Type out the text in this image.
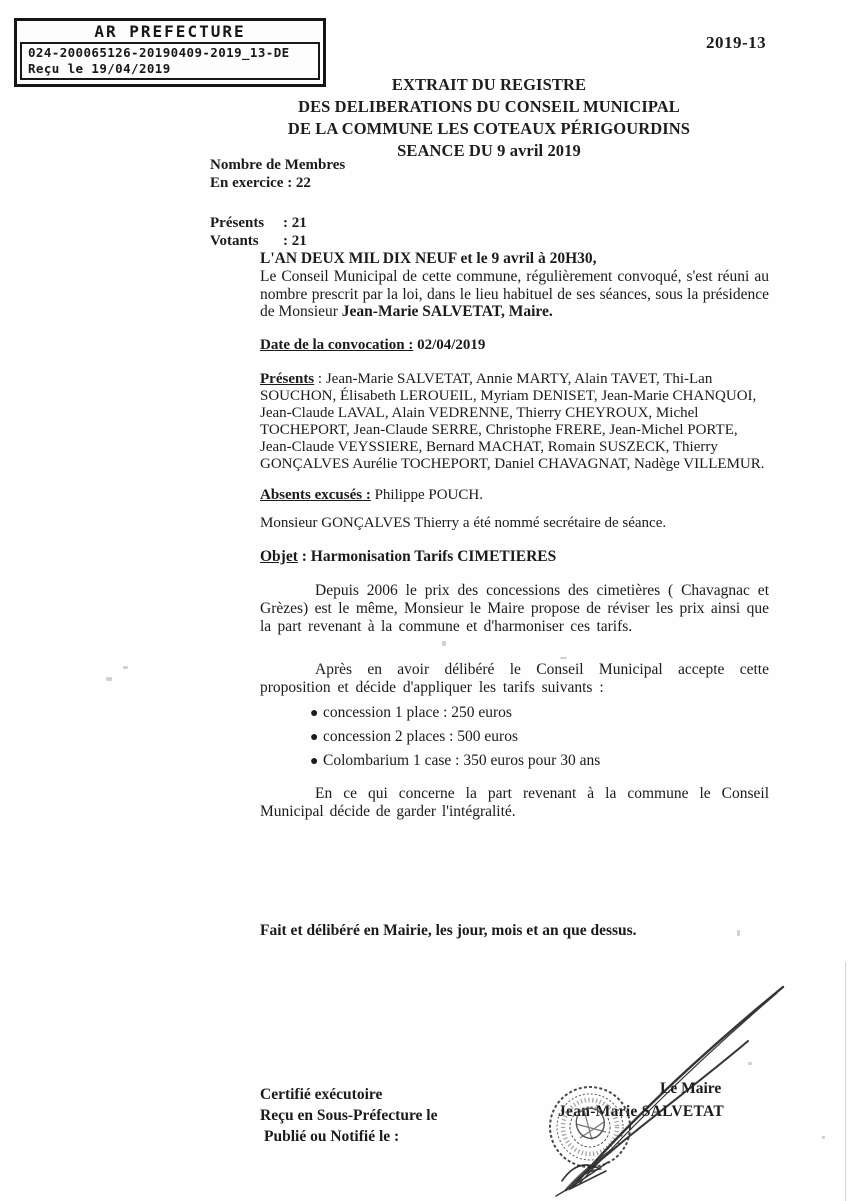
AR PREFECTURE
024-200065126-20190409-2019_13-DE
Reçu le 19/04/2019
2019-13
EXTRAIT DU REGISTRE
DES DELIBERATIONS DU CONSEIL MUNICIPAL
DE LA COMMUNE LES COTEAUX PÉRIGOURDINS
SEANCE DU 9 avril 2019
Nombre de Membres
En exercice : 22
Présents	: 21
Votants	: 21
L'AN DEUX MIL DIX NEUF et le 9 avril à 20H30,
Le Conseil Municipal de cette commune, régulièrement convoqué, s'est réuni au nombre prescrit par la loi, dans le lieu habituel de ses séances, sous la présidence de Monsieur Jean-Marie SALVETAT, Maire.
Date de la convocation : 02/04/2019
Présents : Jean-Marie SALVETAT, Annie MARTY, Alain TAVET, Thi-Lan SOUCHON, Élisabeth LEROUEIL, Myriam DENISET, Jean-Marie CHANQUOI, Jean-Claude LAVAL, Alain VEDRENNE, Thierry CHEYROUX, Michel TOCHEPORT, Jean-Claude SERRE, Christophe FRERE, Jean-Michel PORTE, Jean-Claude VEYSSIERE, Bernard MACHAT, Romain SUSZECK, Thierry GONÇALVES Aurélie TOCHEPORT, Daniel CHAVAGNAT, Nadège VILLEMUR.
Absents excusés : Philippe POUCH.
Monsieur GONÇALVES Thierry a été nommé secrétaire de séance.
Objet : Harmonisation Tarifs CIMETIERES
Depuis 2006 le prix des concessions des cimetières ( Chavagnac et Grèzes) est le même, Monsieur le Maire propose de réviser les prix ainsi que la part revenant à la commune et d'harmoniser ces tarifs.
Après en avoir délibéré le Conseil Municipal accepte cette proposition et décide d'appliquer les tarifs suivants :
● concession 1 place : 250 euros
● concession 2 places : 500 euros
● Colombarium 1 case : 350 euros pour 30 ans
En ce qui concerne la part revenant à la commune le Conseil Municipal décide de garder l'intégralité.
Fait et délibéré en Mairie, les jour, mois et an que dessus.
Certifié exécutoire
Reçu en Sous-Préfecture le
Publié ou Notifié le :
Le Maire
Jean-Marie SALVETAT
